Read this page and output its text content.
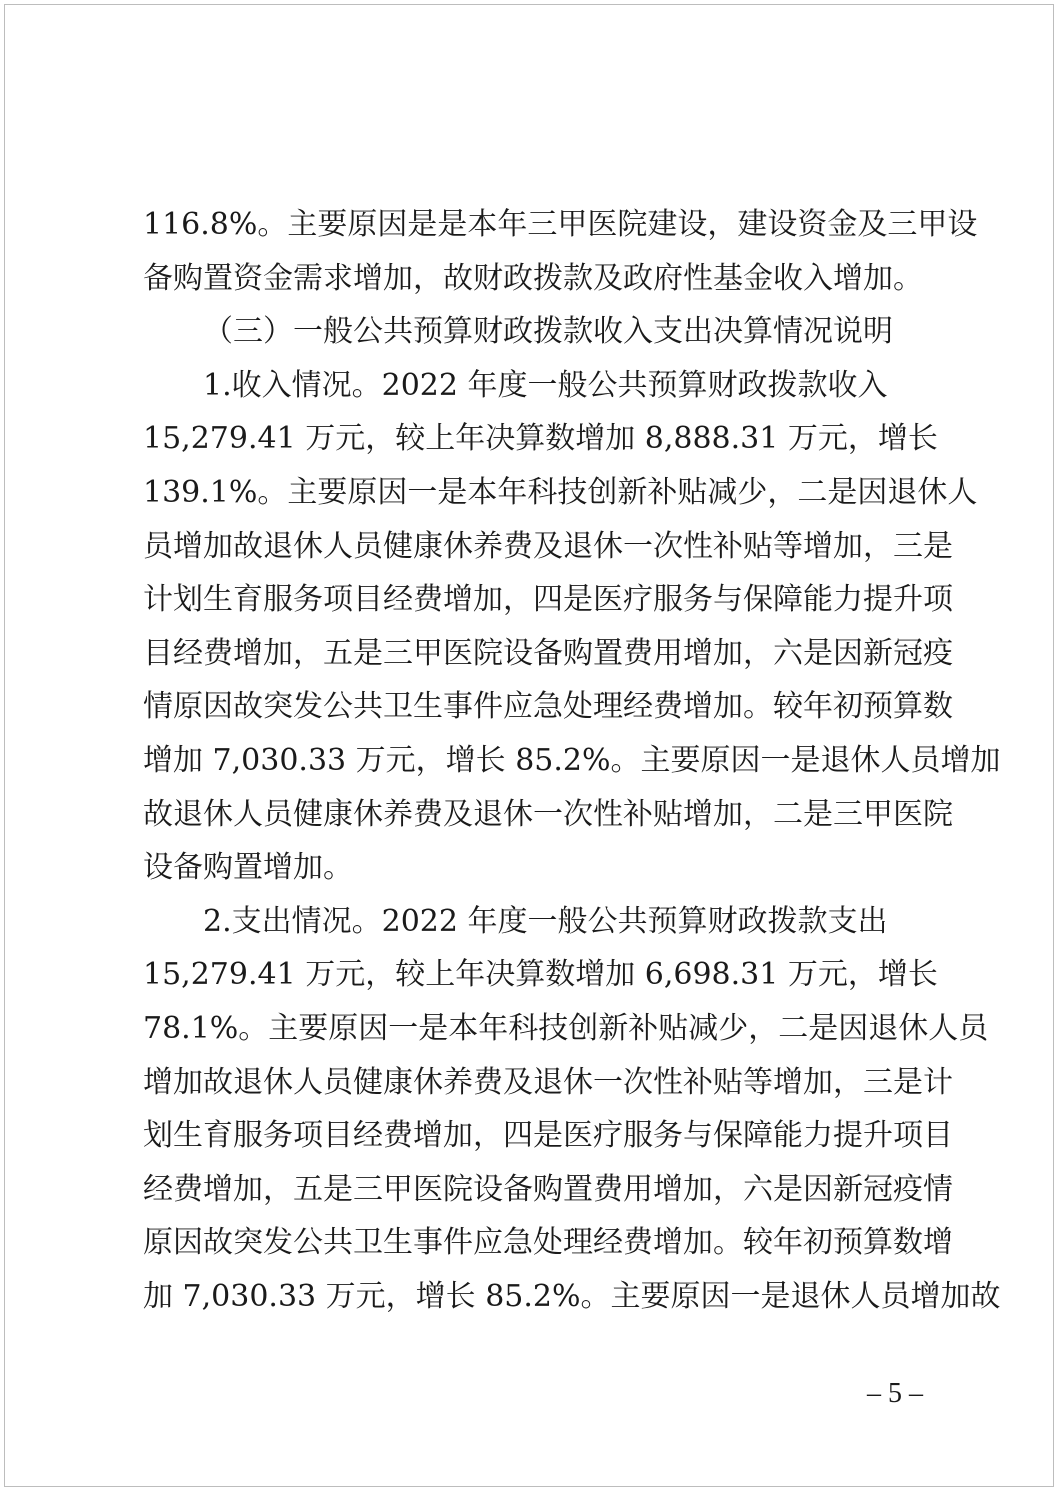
116.8%。主要原因是是本年三甲医院建设，建设资金及三甲设
备购置资金需求增加，故财政拨款及政府性基金收入增加。
（三）一般公共预算财政拨款收入支出决算情况说明
1.收入情况。2022 年度一般公共预算财政拨款收入
15,279.41 万元，较上年决算数增加 8,888.31 万元，增长
139.1%。主要原因一是本年科技创新补贴减少，二是因退休人
员增加故退休人员健康休养费及退休一次性补贴等增加，三是
计划生育服务项目经费增加，四是医疗服务与保障能力提升项
目经费增加，五是三甲医院设备购置费用增加，六是因新冠疫
情原因故突发公共卫生事件应急处理经费增加。较年初预算数
增加 7,030.33 万元，增长 85.2%。主要原因一是退休人员增加
故退休人员健康休养费及退休一次性补贴增加，二是三甲医院
设备购置增加。
2.支出情况。2022 年度一般公共预算财政拨款支出
15,279.41 万元，较上年决算数增加 6,698.31 万元，增长
78.1%。主要原因一是本年科技创新补贴减少，二是因退休人员
增加故退休人员健康休养费及退休一次性补贴等增加，三是计
划生育服务项目经费增加，四是医疗服务与保障能力提升项目
经费增加，五是三甲医院设备购置费用增加，六是因新冠疫情
原因故突发公共卫生事件应急处理经费增加。较年初预算数增
加 7,030.33 万元，增长 85.2%。主要原因一是退休人员增加故
– 5 –
